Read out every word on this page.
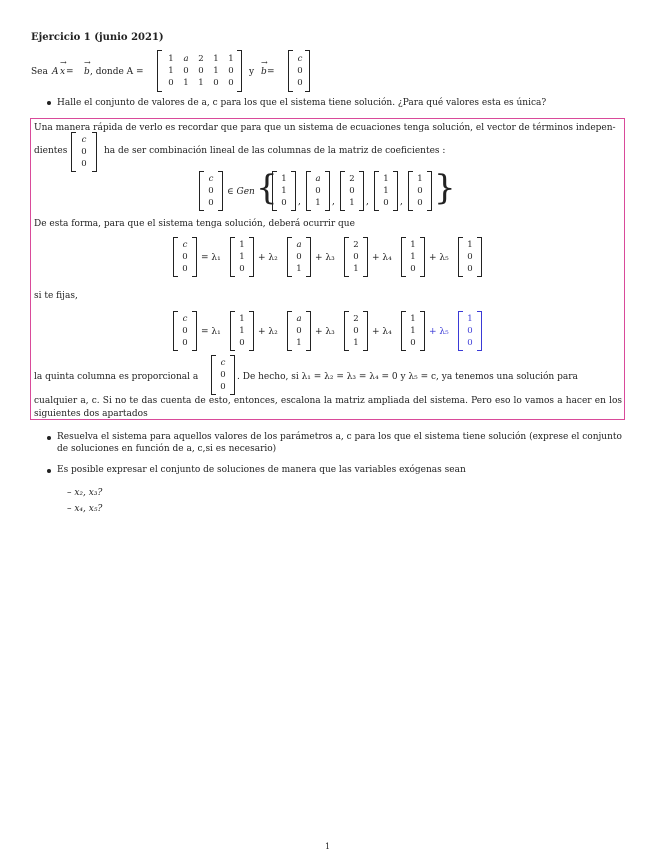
Ejercicio 1 (junio 2021)
Sea A → x = → b , donde A =
1	a	2	1	1
1	0	0	1	0
0	1	1	0	0
y → b =
c
0
0
Halle el conjunto de valores de a, c para los que el sistema tiene solución. ¿Para qué valores esta es única?
Una manera rápida de verlo es recordar que para que un sistema de ecuaciones tenga solución, el vector de términos indepen-
dientes
c
0
0
ha de ser combinación lineal de las columnas de la matriz de coeficientes :
c
0
0
∈ Gen { 1
1
0	,
a
0
1	,
2
0
1	,
1
1
0	,
1
0
0 }
De esta forma, para que el sistema tenga solución, deberá ocurrir que
c
0
0
= λ₁
1
1
0
+ λ₂
a
0
1
+ λ₃
2
0
1
+ λ₄
1
1
0
+ λ₅
1
0
0
si te fijas,
c
0
0
= λ₁
1
1
0
+ λ₂
a
0
1
+ λ₃
2
0
1
+ λ₄
1
1
0
+ λ₅
1
0
0
la quinta columna es proporcional a
c
0
0
. De hecho, si λ₁ = λ₂ = λ₃ = λ₄ = 0 y λ₅ = c, ya tenemos una solución para
cualquier a, c. Si no te das cuenta de esto, entonces, escalona la matriz ampliada del sistema. Pero eso lo vamos a hacer en los siguientes dos apartados
Resuelva el sistema para aquellos valores de los parámetros a, c para los que el sistema tiene solución (exprese el conjunto de soluciones en función de a, c,si es necesario)
Es posible expresar el conjunto de soluciones de manera que las variables exógenas sean
– x₂, x₃?
– x₄, x₅?
1
